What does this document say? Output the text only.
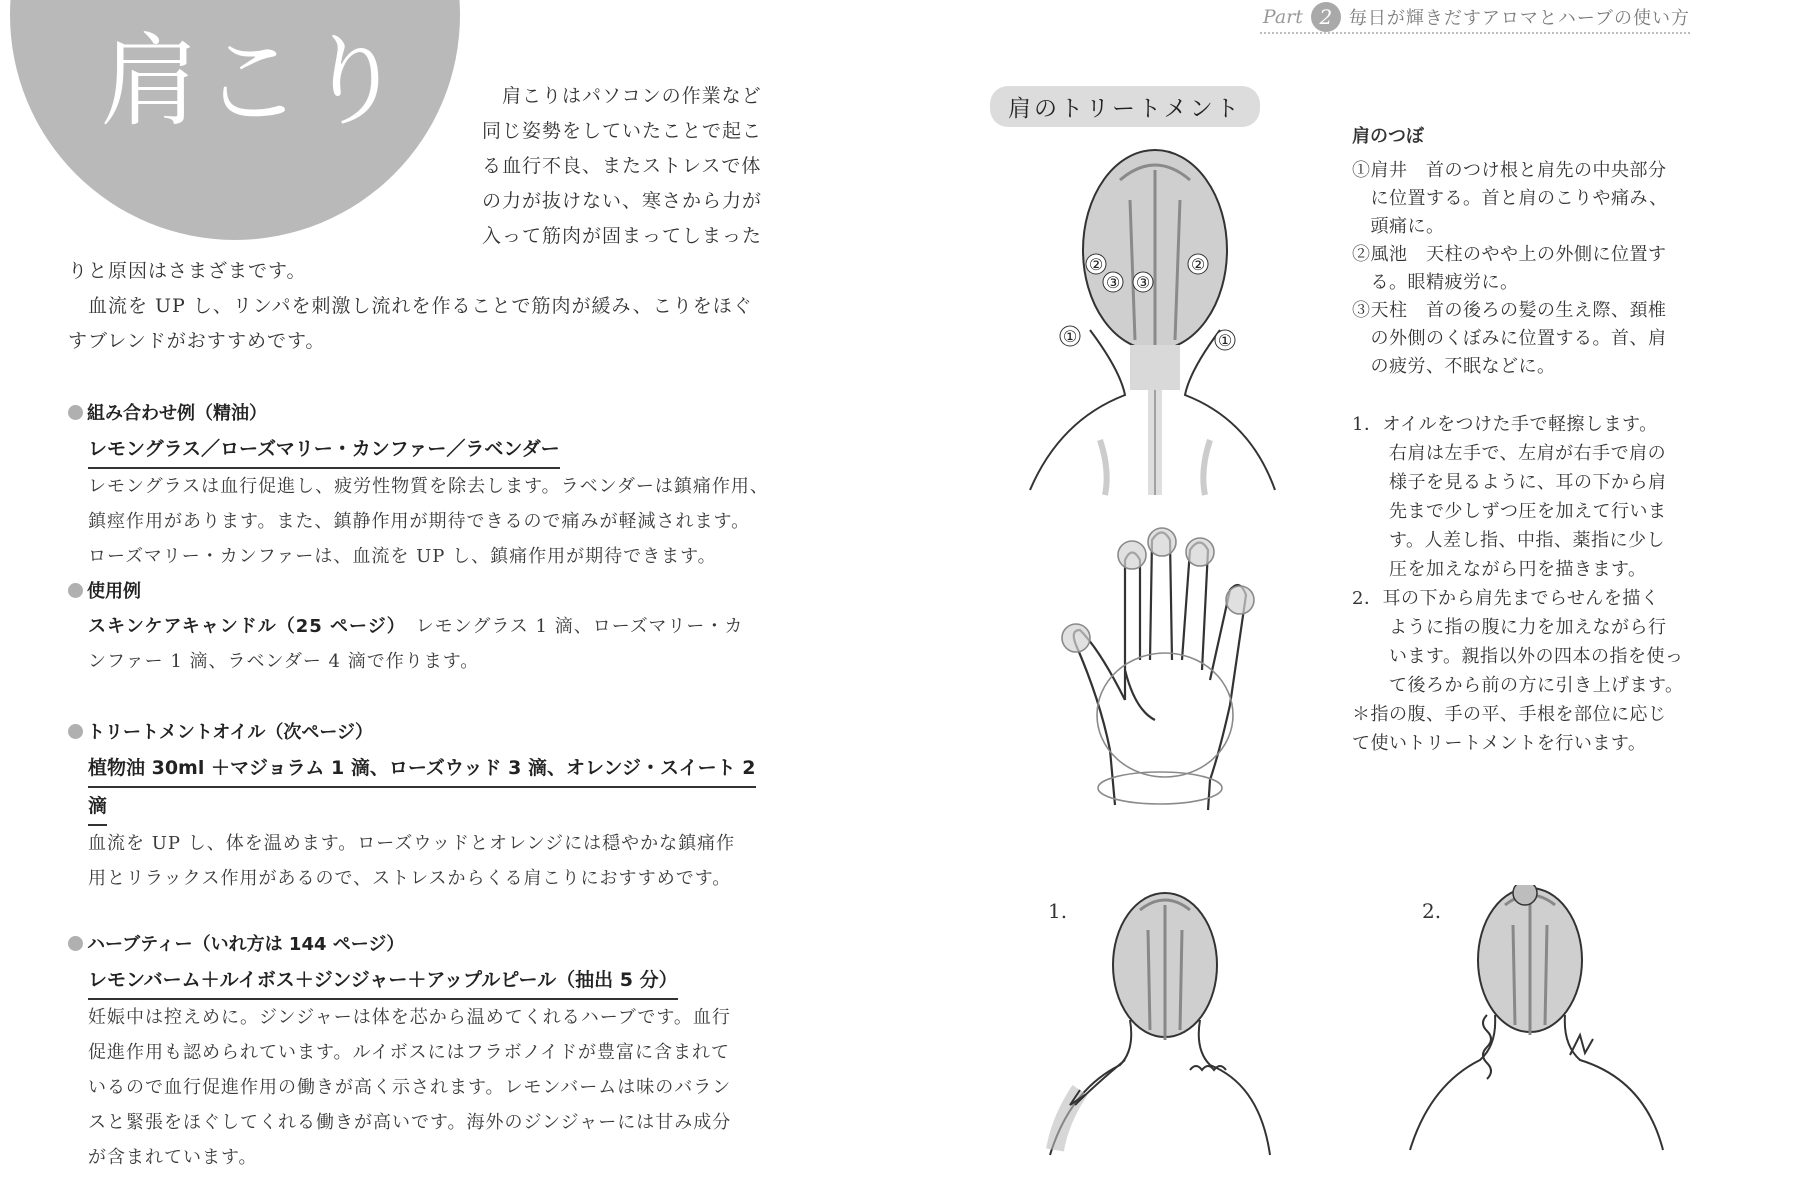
Part 2 毎日が輝きだすアロマとハーブの使い方
肩こり	　肩こりはパソコンの作業など
同じ姿勢をしていたことで起こ
る血行不良、またストレスで体
の力が抜けない、寒さから力が
入って筋肉が固まってしまった
りと原因はさまざまです。
　血流を UP し、リンパを刺激し流れを作ることで筋肉が緩み、こりをほぐ
すブレンドがおすすめです。
組み合わせ例（精油）
レモングラス／ローズマリー・カンファー／ラベンダー
レモングラスは血行促進し、疲労性物質を除去します。ラベンダーは鎮痛作用、
鎮痙作用があります。また、鎮静作用が期待できるので痛みが軽減されます。
ローズマリー・カンファーは、血流を UP し、鎮痛作用が期待できます。
使用例
スキンケアキャンドル（25 ページ）　レモングラス 1 滴、ローズマリー・カ
ンファー 1 滴、ラベンダー 4 滴で作ります。
トリートメントオイル（次ページ）
植物油 30ml ＋マジョラム 1 滴、ローズウッド 3 滴、オレンジ・スイート 2
滴
血流を UP し、体を温めます。ローズウッドとオレンジには穏やかな鎮痛作
用とリラックス作用があるので、ストレスからくる肩こりにおすすめです。
ハーブティー（いれ方は 144 ページ）
レモンバーム＋ルイボス＋ジンジャー＋アップルピール（抽出 5 分）
妊娠中は控えめに。ジンジャーは体を芯から温めてくれるハーブです。血行
促進作用も認められています。ルイボスにはフラボノイドが豊富に含まれて
いるので血行促進作用の働きが高く示されます。レモンバームは味のバラン
スと緊張をほぐしてくれる働きが高いです。海外のジンジャーには甘み成分
が含まれています。
肩のトリートメント
肩のつぼ
①肩井　首のつけ根と肩先の中央部分
　に位置する。首と肩のこりや痛み、
　頭痛に。
②風池　天柱のやや上の外側に位置す
　る。眼精疲労に。
③天柱　首の後ろの髪の生え際、頚椎
　の外側のくぼみに位置する。首、肩
　の疲労、不眠などに。
1．オイルをつけた手で軽擦します。
　　右肩は左手で、左肩が右手で肩の
　　様子を見るように、耳の下から肩
　　先まで少しずつ圧を加えて行いま
　　す。人差し指、中指、薬指に少し
　　圧を加えながら円を描きます。
2．耳の下から肩先までらせんを描く
　　ように指の腹に力を加えながら行
　　います。親指以外の四本の指を使っ
　　て後ろから前の方に引き上げます。
＊指の腹、手の平、手根を部位に応じ
て使いトリートメントを行います。
②	②
③ ③
①	①
1.	2.
